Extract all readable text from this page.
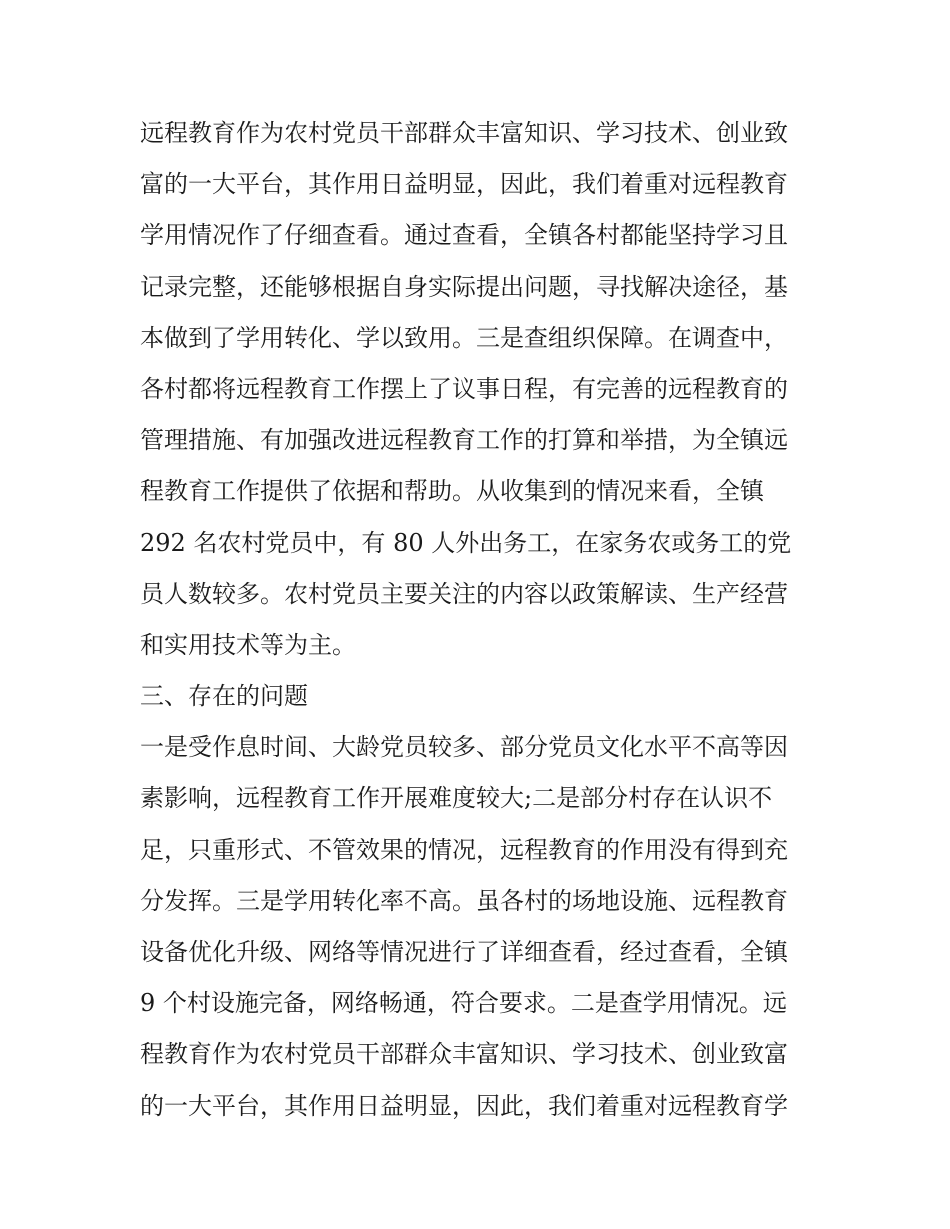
远程教育作为农村党员干部群众丰富知识、学习技术、创业致
富的一大平台，其作用日益明显，因此，我们着重对远程教育
学用情况作了仔细查看。通过查看，全镇各村都能坚持学习且
记录完整，还能够根据自身实际提出问题，寻找解决途径，基
本做到了学用转化、学以致用。三是查组织保障。在调查中，
各村都将远程教育工作摆上了议事日程，有完善的远程教育的
管理措施、有加强改进远程教育工作的打算和举措，为全镇远
程教育工作提供了依据和帮助。从收集到的情况来看，全镇
292 名农村党员中，有 80 人外出务工，在家务农或务工的党
员人数较多。农村党员主要关注的内容以政策解读、生产经营
和实用技术等为主。
三、存在的问题
一是受作息时间、大龄党员较多、部分党员文化水平不高等因
素影响，远程教育工作开展难度较大;二是部分村存在认识不
足，只重形式、不管效果的情况，远程教育的作用没有得到充
分发挥。三是学用转化率不高。虽各村的场地设施、远程教育
设备优化升级、网络等情况进行了详细查看，经过查看，全镇
9 个村设施完备，网络畅通，符合要求。二是查学用情况。远
程教育作为农村党员干部群众丰富知识、学习技术、创业致富
的一大平台，其作用日益明显，因此，我们着重对远程教育学
